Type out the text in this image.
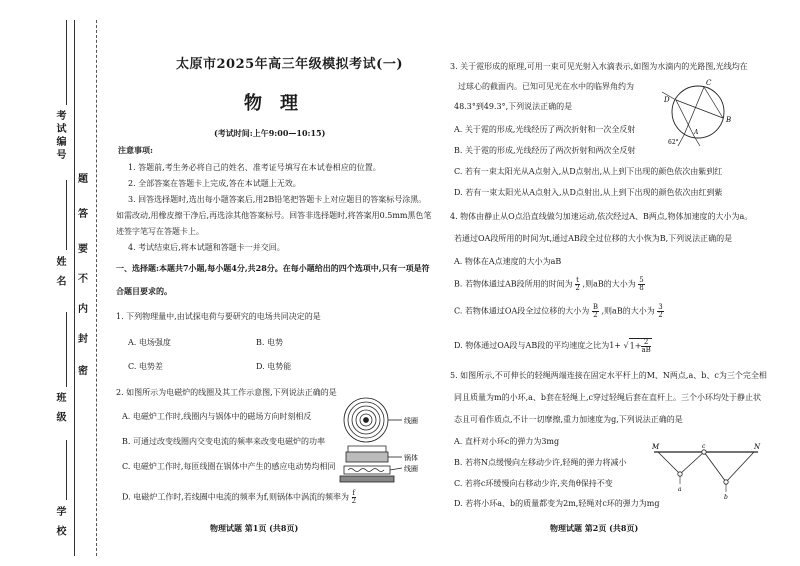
考试编号
姓 名
班 级
学 校
题
答
要
不
内
封
密
太原市2025年高三年级模拟考试(一)
物理
(考试时间:上午9:00—10:15)
注意事项:
1. 答题前,考生务必将自己的姓名、准考证号填写在本试卷相应的位置。
2. 全部答案在答题卡上完成,答在本试题上无效。
3. 回答选择题时,选出每小题答案后,用2B铅笔把答题卡上对应题目的答案标号涂黑。
如需改动,用橡皮擦干净后,再选涂其他答案标号。回答非选择题时,将答案用0.5mm黑色笔
迹签字笔写在答题卡上。
4. 考试结束后,将本试题和答题卡一并交回。
一、选择题:本题共7小题,每小题4分,共28分。在每小题给出的四个选项中,只有一项是符
合题目要求的。
1. 下列物理量中,由试探电荷与要研究的电场共同决定的是
A. 电场强度	B. 电势
C. 电势差	D. 电势能
2. 如图所示为电磁炉的线圈及其工作示意图,下列说法正确的是
A. 电磁炉工作时,线圈内与锅体中的磁场方向时刻相反
B. 可通过改变线圈内交变电流的频率来改变电磁炉的功率
C. 电磁炉工作时,每匝线圈在锅体中产生的感应电动势均相同
D. 电磁炉工作时,若线圈中电流的频率为f,则锅体中涡流的频率为 $\frac{f}{2}$
线圈
锅体
线圈
物理试题 第1页 (共8页)
3. 关于霓形成的原理,可用一束可见光射入水滴表示,如图为水滴内的光路图,光线均在
过球心的截面内。已知可见光在水中的临界角约为
48.3°到49.3°,下列说法正确的是
A. 关于霓的形成,光线经历了两次折射和一次全反射
B. 关于霓的形成,光线经历了两次折射和两次全反射
C. 若有一束太阳光从A点射入,从D点射出,从上到下出现的颜色依次由紫到红
D. 若有一束太阳光从A点射入,从D点射出,从上到下出现的颜色依次由红到紫
C
D
B
A
62°
4. 物体由静止从O点沿直线做匀加速运动,依次经过A、B两点,物体加速度的大小为a。
若通过OA段所用的时间为t,通过AB段全过位移的大小恢为B,下列说法正确的是
A. 物体在A点速度的大小为aB
B. 若物体通过AB段所用的时间为 $\frac{t}{2}$ ,则aB的大小为 $\frac{5}{8}$
C. 若物体通过OA段全过位移的大小为 $\frac{B}{2}$ ,则aB的大小为 $\frac{3}{2}$
D. 物体通过OA段与AB段的平均速度之比为$1+ √1+ \frac{2}{aB}$
5. 如图所示,不可伸长的轻绳两端连接在固定水平杆上的M、N两点,a、b、c为三个完全相
同且质量为m的小环,a、b套在轻绳上,c穿过轻绳后套在直杆上。三个小环均处于静止状
态且可看作质点,不计一切摩擦,重力加速度为g,下列说法正确的是
A. 直杆对小环c的弹力为3mg
B. 若将N点缓慢向左移动少许,轻绳的弹力将减小
C. 若将c环缓慢向右移动少许,夹角θ保持不变
D. 若将小环a、b的质量都变为2m,轻绳对c环的弹力为mg
M	c	N
a
b
物理试题 第2页 (共8页)
